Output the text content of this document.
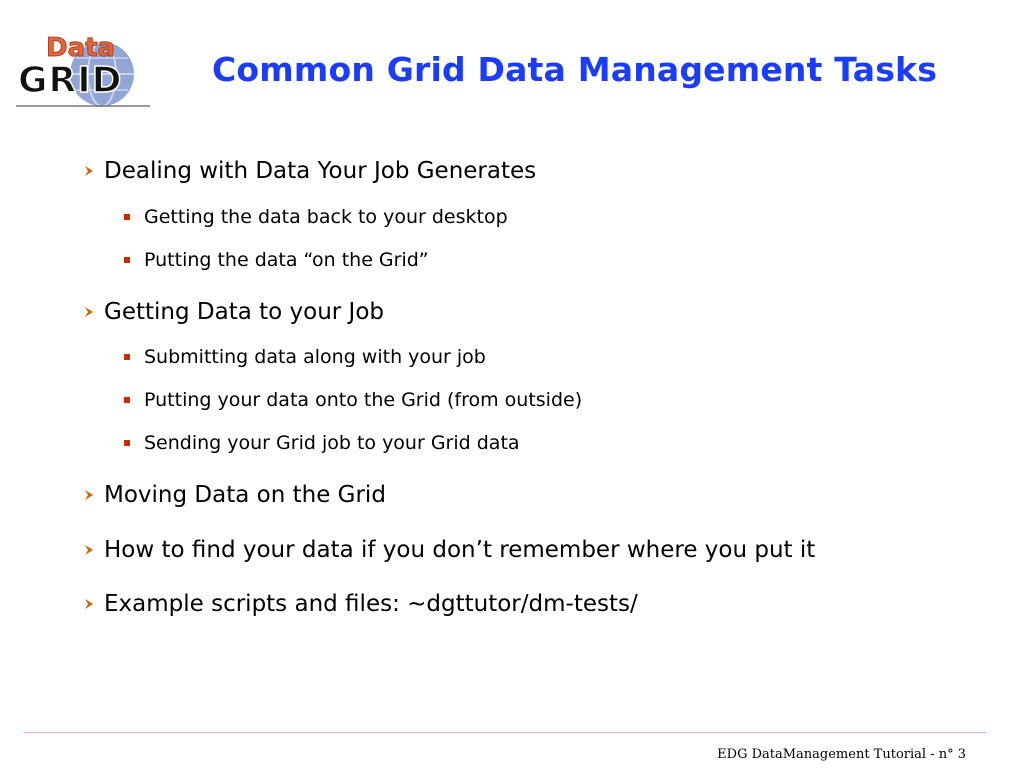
Data
GRID	Common Grid Data Management Tasks
Dealing with Data Your Job Generates
Getting the data back to your desktop
Putting the data “on the Grid”
Getting Data to your Job
Submitting data along with your job
Putting your data onto the Grid (from outside)
Sending your Grid job to your Grid data
Moving Data on the Grid
How to find your data if you don’t remember where you put it
Example scripts and files: ~dgttutor/dm-tests/
EDG DataManagement Tutorial - n° 3
